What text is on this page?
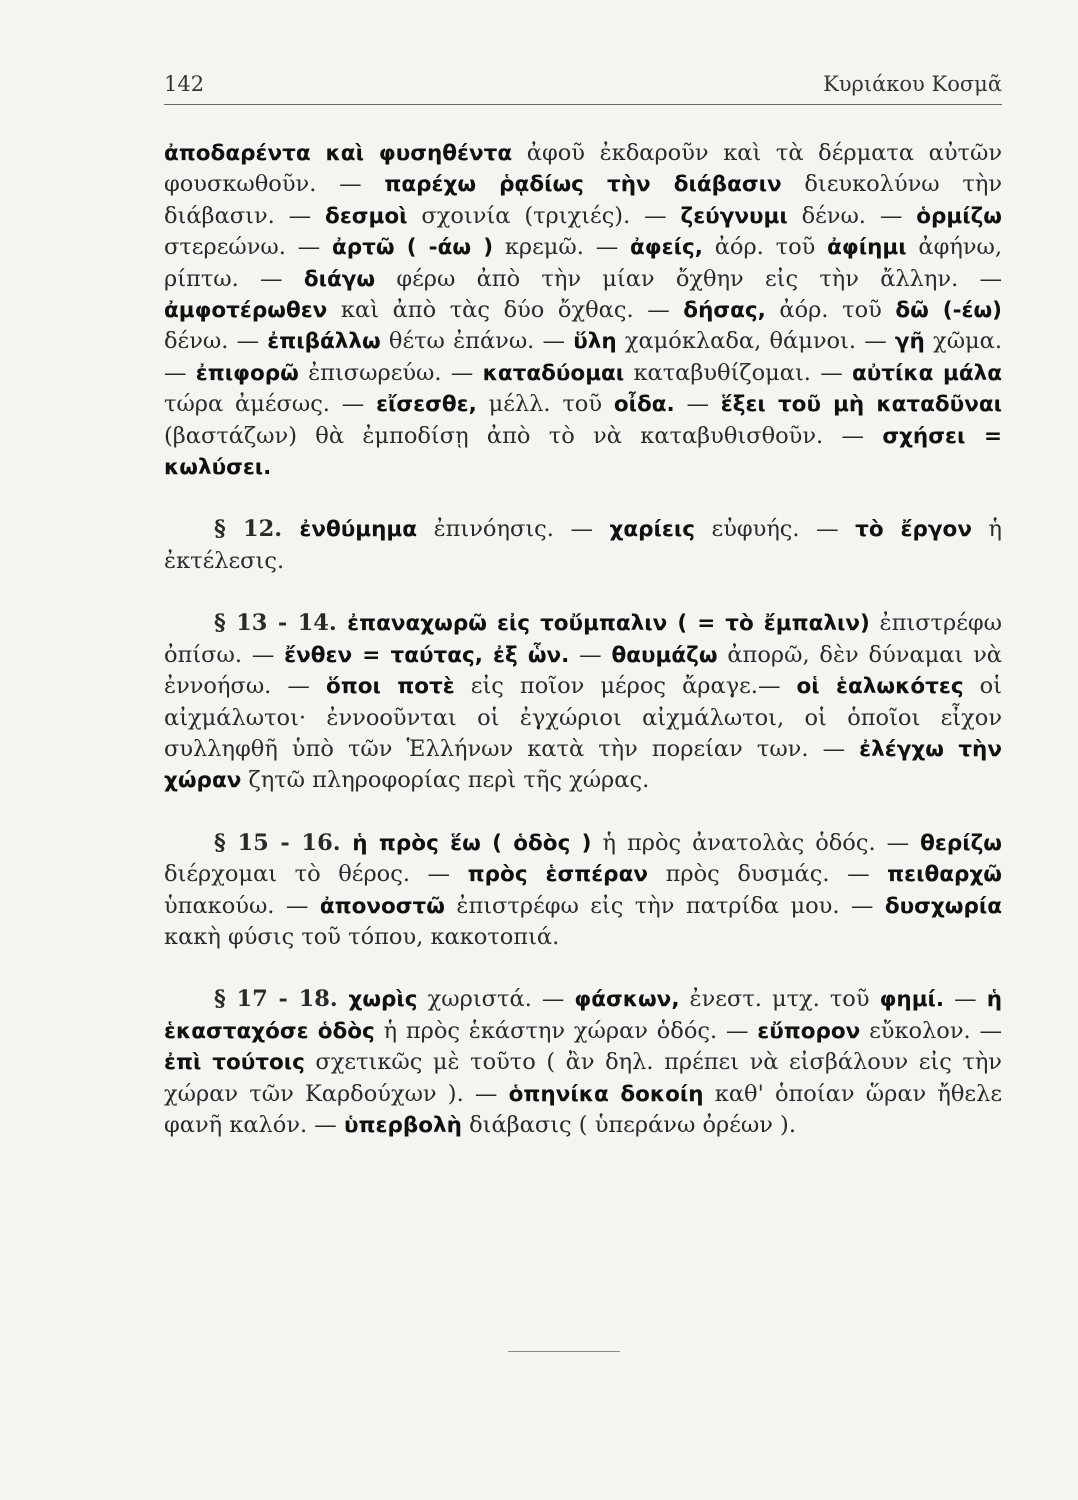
142	Κυριάκου Κοσμᾶ

ἀποδαρέντα καὶ φυσηθέντα ἀφοῦ ἐκδαροῦν καὶ τὰ δέρματα αὐτῶν φουσκωθοῦν. — παρέχω ῥᾳδίως τὴν διάβασιν διευκολύνω τὴν διάβασιν. — δεσμοὶ σχοινία (τριχιές). — ζεύγνυμι δένω. — ὁρμίζω στερεώνω. — ἀρτῶ ( -άω ) κρεμῶ. — ἀφείς, ἀόρ. τοῦ ἀφίημι ἀφήνω, ρίπτω. — διάγω φέρω ἀπὸ τὴν μίαν ὄχθην εἰς τὴν ἄλλην. — ἀμφοτέρωθεν καὶ ἀπὸ τὰς δύο ὄχθας. — δήσας, ἀόρ. τοῦ δῶ (-έω) δένω. — ἐπιβάλλω θέτω ἐπάνω. — ὕλη χαμόκλαδα, θάμνοι. — γῆ χῶμα.— ἐπιφορῶ ἐπισωρεύω. — καταδύομαι καταβυθίζομαι. — αὐτίκα μάλα τώρα ἀμέσως. — εἴσεσθε, μέλλ. τοῦ οἶδα. — ἕξει τοῦ μὴ καταδῦναι (βαστάζων) θὰ ἐμποδίσῃ ἀπὸ τὸ νὰ καταβυθισθοῦν. — σχήσει = κωλύσει.

§ 12. ἐνθύμημα ἐπινόησις. — χαρίεις εὐφυής. — τὸ ἔργον ἡ ἐκτέλεσις.

§ 13 - 14. ἐπαναχωρῶ εἰς τοὔμπαλιν ( = τὸ ἔμπαλιν) ἐπιστρέφω ὀπίσω. — ἔνθεν = ταύτας, ἐξ ὧν. — θαυμάζω ἀπορῶ, δὲν δύναμαι νὰ ἐννοήσω. — ὅποι ποτὲ εἰς ποῖον μέρος ἄραγε.— οἱ ἑαλωκότες οἱ αἰχμάλωτοι· ἐννοοῦνται οἱ ἐγχώριοι αἰχμάλωτοι, οἱ ὁποῖοι εἶχον συλληφθῆ ὑπὸ τῶν Ἑλλήνων κατὰ τὴν πορείαν των. — ἐλέγχω τὴν χώραν ζητῶ πληροφορίας περὶ τῆς χώρας.

§ 15 - 16. ἡ πρὸς ἕω ( ὁδὸς ) ἡ πρὸς ἀνατολὰς ὁδός. — θερίζω διέρχομαι τὸ θέρος. — πρὸς ἑσπέραν πρὸς δυσμάς. — πειθαρχῶ ὑπακούω. — ἀπονοστῶ ἐπιστρέφω εἰς τὴν πατρίδα μου. — δυσχωρία κακὴ φύσις τοῦ τόπου, κακοτοπιά.

§ 17 - 18. χωρὶς χωριστά. — φάσκων, ἐνεστ. μτχ. τοῦ φημί. — ἡ ἑκασταχόσε ὁδὸς ἡ πρὸς ἑκάστην χώραν ὁδός. — εὔπορον εὔκολον. — ἐπὶ τούτοις σχετικῶς μὲ τοῦτο ( ἂν δηλ. πρέπει νὰ εἰσβάλουν εἰς τὴν χώραν τῶν Καρδούχων ). — ὁπηνίκα δοκοίη καθ' ὁποίαν ὥραν ἤθελε φανῆ καλόν. — ὑπερβολὴ διάβασις ( ὑπεράνω ὀρέων ).
